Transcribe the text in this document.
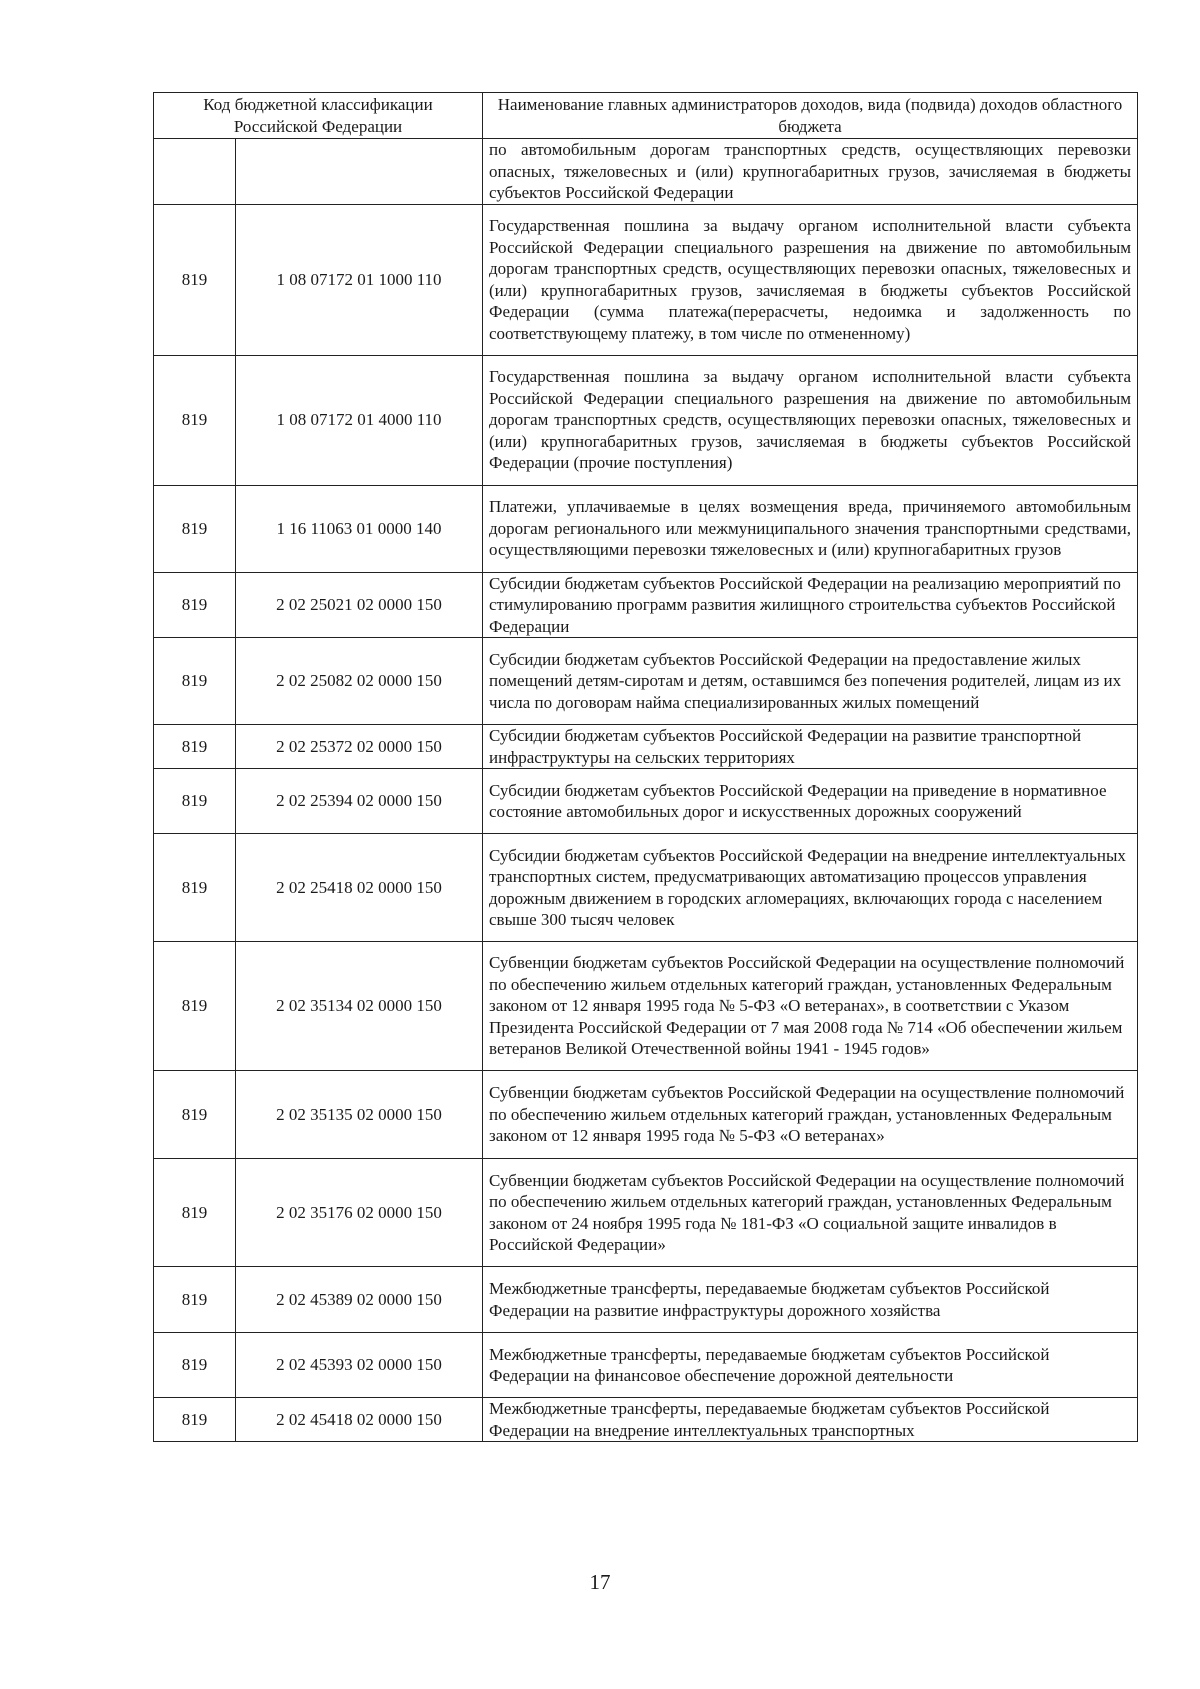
Код бюджетной классификации Российской Федерации		Наименование главных администраторов доходов, вида (подвида) доходов областного бюджета
		по автомобильным дорогам транспортных средств, осуществляющих перевозки опасных, тяжеловесных и (или) крупногабаритных грузов, зачисляемая в бюджеты субъектов Российской Федерации
819	1 08 07172 01 1000 110	Государственная пошлина за выдачу органом исполнительной власти субъекта Российской Федерации специального разрешения на движение по автомобильным дорогам транспортных средств, осуществляющих перевозки опасных, тяжеловесных и (или) крупногабаритных грузов, зачисляемая в бюджеты субъектов Российской Федерации (сумма платежа(перерасчеты, недоимка и задолженность по соответствующему платежу, в том числе по отмененному)
819	1 08 07172 01 4000 110	Государственная пошлина за выдачу органом исполнительной власти субъекта Российской Федерации специального разрешения на движение по автомобильным дорогам транспортных средств, осуществляющих перевозки опасных, тяжеловесных и (или) крупногабаритных грузов, зачисляемая в бюджеты субъектов Российской Федерации (прочие поступления)
819	1 16 11063 01 0000 140	Платежи, уплачиваемые в целях возмещения вреда, причиняемого автомобильным дорогам регионального или межмуниципального значения транспортными средствами, осуществляющими перевозки тяжеловесных и (или) крупногабаритных грузов
819	2 02 25021 02 0000 150	Субсидии бюджетам субъектов Российской Федерации на реализацию мероприятий по стимулированию программ развития жилищного строительства субъектов Российской Федерации
819	2 02 25082 02 0000 150	Субсидии бюджетам субъектов Российской Федерации на предоставление жилых помещений детям-сиротам и детям, оставшимся без попечения родителей, лицам из их числа по договорам найма специализированных жилых помещений
819	2 02 25372 02 0000 150	Субсидии бюджетам субъектов Российской Федерации на развитие транспортной инфраструктуры на сельских территориях
819	2 02 25394 02 0000 150	Субсидии бюджетам субъектов Российской Федерации на приведение в нормативное состояние автомобильных дорог и искусственных дорожных сооружений
819	2 02 25418 02 0000 150	Субсидии бюджетам субъектов Российской Федерации на внедрение интеллектуальных транспортных систем, предусматривающих автоматизацию процессов управления дорожным движением в городских агломерациях, включающих города с населением свыше 300 тысяч человек
819	2 02 35134 02 0000 150	Субвенции бюджетам субъектов Российской Федерации на осуществление полномочий по обеспечению жильем отдельных категорий граждан, установленных Федеральным законом от 12 января 1995 года № 5-ФЗ «О ветеранах», в соответствии с Указом Президента Российской Федерации от 7 мая 2008 года № 714 «Об обеспечении жильем ветеранов Великой Отечественной войны 1941 - 1945 годов»
819	2 02 35135 02 0000 150	Субвенции бюджетам субъектов Российской Федерации на осуществление полномочий по обеспечению жильем отдельных категорий граждан, установленных Федеральным законом от 12 января 1995 года № 5-ФЗ «О ветеранах»
819	2 02 35176 02 0000 150	Субвенции бюджетам субъектов Российской Федерации на осуществление полномочий по обеспечению жильем отдельных категорий граждан, установленных Федеральным законом от 24 ноября 1995 года № 181-ФЗ «О социальной защите инвалидов в Российской Федерации»
819	2 02 45389 02 0000 150	Межбюджетные трансферты, передаваемые бюджетам субъектов Российской Федерации на развитие инфраструктуры дорожного хозяйства
819	2 02 45393 02 0000 150	Межбюджетные трансферты, передаваемые бюджетам субъектов Российской Федерации на финансовое обеспечение дорожной деятельности
819	2 02 45418 02 0000 150	Межбюджетные трансферты, передаваемые бюджетам субъектов Российской Федерации на внедрение интеллектуальных транспортных
17
